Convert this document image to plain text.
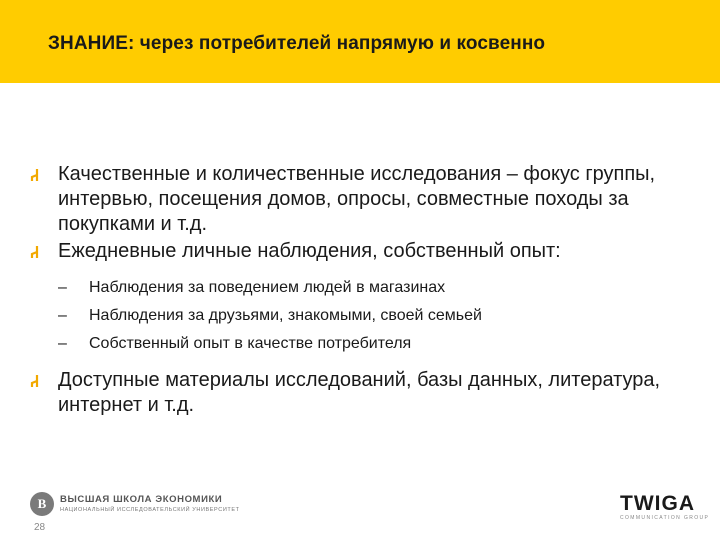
ЗНАНИЕ: через потребителей напрямую и косвенно
Качественные и количественные исследования – фокус группы, интервью, посещения домов, опросы, совместные походы за покупками и т.д.
Ежедневные личные наблюдения, собственный опыт:
– Наблюдения за поведением людей в магазинах
– Наблюдения за друзьями, знакомыми, своей семьей
– Собственный опыт в качестве потребителя
Доступные материалы исследований, базы данных, литература, интернет и т.д.
В	ВЫСШАЯ ШКОЛА ЭКОНОМИКИ
НАЦИОНАЛЬНЫЙ ИССЛЕДОВАТЕЛЬСКИЙ УНИВЕРСИТЕТ
28
TWIGA
COMMUNICATION GROUP
